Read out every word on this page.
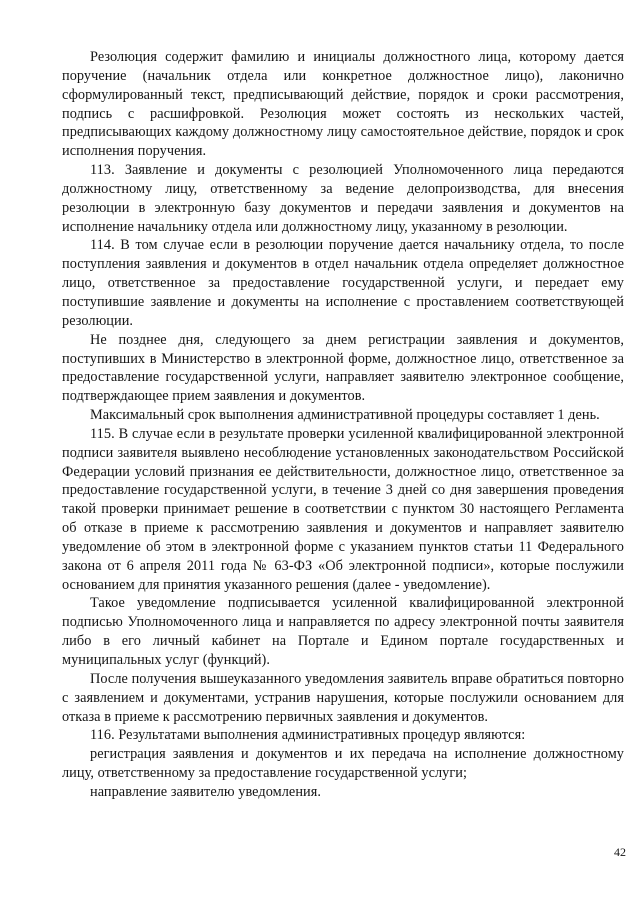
Резолюция содержит фамилию и инициалы должностного лица, которому дается поручение (начальник отдела или конкретное должностное лицо), лаконично сформулированный текст, предписывающий действие, порядок и сроки рассмотрения, подпись с расшифровкой. Резолюция может состоять из нескольких частей, предписывающих каждому должностному лицу самостоятельное действие, порядок и срок исполнения поручения.

113. Заявление и документы с резолюцией Уполномоченного лица передаются должностному лицу, ответственному за ведение делопроизводства, для внесения резолюции в электронную базу документов и передачи заявления и документов на исполнение начальнику отдела или должностному лицу, указанному в резолюции.

114. В том случае если в резолюции поручение дается начальнику отдела, то после поступления заявления и документов в отдел начальник отдела определяет должностное лицо, ответственное за предоставление государственной услуги, и передает ему поступившие заявление и документы на исполнение с проставлением соответствующей резолюции.

Не позднее дня, следующего за днем регистрации заявления и документов, поступивших в Министерство в электронной форме, должностное лицо, ответственное за предоставление государственной услуги, направляет заявителю электронное сообщение, подтверждающее прием заявления и документов.

Максимальный срок выполнения административной процедуры составляет 1 день.

115. В случае если в результате проверки усиленной квалифицированной электронной подписи заявителя выявлено несоблюдение установленных законодательством Российской Федерации условий признания ее действительности, должностное лицо, ответственное за предоставление государственной услуги, в течение 3 дней со дня завершения проведения такой проверки принимает решение в соответствии с пунктом 30 настоящего Регламента об отказе в приеме к рассмотрению заявления и документов и направляет заявителю уведомление об этом в электронной форме с указанием пунктов статьи 11 Федерального закона от 6 апреля 2011 года № 63-ФЗ «Об электронной подписи», которые послужили основанием для принятия указанного решения (далее - уведомление).

Такое уведомление подписывается усиленной квалифицированной электронной подписью Уполномоченного лица и направляется по адресу электронной почты заявителя либо в его личный кабинет на Портале и Едином портале государственных и муниципальных услуг (функций).

После получения вышеуказанного уведомления заявитель вправе обратиться повторно с заявлением и документами, устранив нарушения, которые послужили основанием для отказа в приеме к рассмотрению первичных заявления и документов.

116. Результатами выполнения административных процедур являются:

регистрация заявления и документов и их передача на исполнение должностному лицу, ответственному за предоставление государственной услуги;

направление заявителю уведомления.

42
